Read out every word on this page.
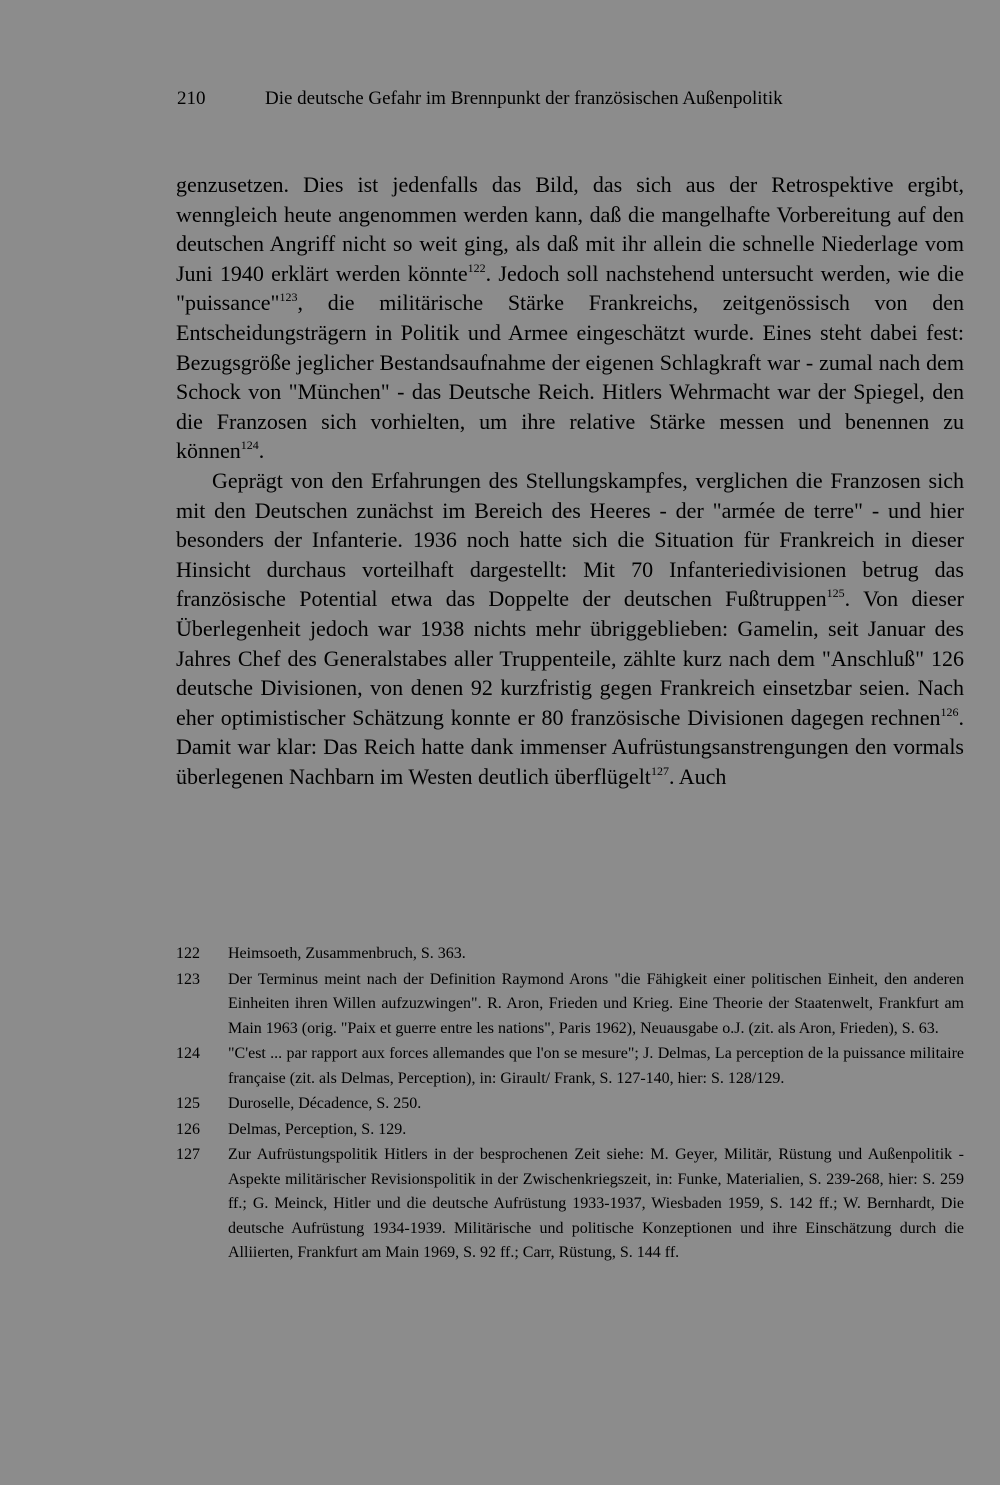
210	Die deutsche Gefahr im Brennpunkt der französischen Außenpolitik

genzusetzen. Dies ist jedenfalls das Bild, das sich aus der Retrospektive ergibt, wenngleich heute angenommen werden kann, daß die mangelhafte Vorbereitung auf den deutschen Angriff nicht so weit ging, als daß mit ihr allein die schnelle Niederlage vom Juni 1940 erklärt werden könnte$^{122}$. Jedoch soll nachstehend untersucht werden, wie die "puissance"$^{123}$, die militärische Stärke Frankreichs, zeitgenössisch von den Entscheidungsträgern in Politik und Armee eingeschätzt wurde. Eines steht dabei fest: Bezugsgröße jeglicher Bestandsaufnahme der eigenen Schlagkraft war - zumal nach dem Schock von "München" - das Deutsche Reich. Hitlers Wehrmacht war der Spiegel, den die Franzosen sich vorhielten, um ihre relative Stärke messen und benennen zu können$^{124}$.

Geprägt von den Erfahrungen des Stellungskampfes, verglichen die Franzosen sich mit den Deutschen zunächst im Bereich des Heeres - der "armée de terre" - und hier besonders der Infanterie. 1936 noch hatte sich die Situation für Frankreich in dieser Hinsicht durchaus vorteilhaft dargestellt: Mit 70 Infanteriedivisionen betrug das französische Potential etwa das Doppelte der deutschen Fußtruppen$^{125}$. Von dieser Überlegenheit jedoch war 1938 nichts mehr übriggeblieben: Gamelin, seit Januar des Jahres Chef des Generalstabes aller Truppenteile, zählte kurz nach dem "Anschluß" 126 deutsche Divisionen, von denen 92 kurzfristig gegen Frankreich einsetzbar seien. Nach eher optimistischer Schätzung konnte er 80 französische Divisionen dagegen rechnen$^{126}$. Damit war klar: Das Reich hatte dank immenser Aufrüstungsanstrengungen den vormals überlegenen Nachbarn im Westen deutlich überflügelt$^{127}$. Auch

122	Heimsoeth, Zusammenbruch, S. 363.
123	Der Terminus meint nach der Definition Raymond Arons "die Fähigkeit einer politischen Einheit, den anderen Einheiten ihren Willen aufzuzwingen". R. Aron, Frieden und Krieg. Eine Theorie der Staatenwelt, Frankfurt am Main 1963 (orig. "Paix et guerre entre les nations", Paris 1962), Neuausgabe o.J. (zit. als Aron, Frieden), S. 63.
124	"C'est ... par rapport aux forces allemandes que l'on se mesure"; J. Delmas, La perception de la puissance militaire française (zit. als Delmas, Perception), in: Girault/ Frank, S. 127-140, hier: S. 128/129.
125	Duroselle, Décadence, S. 250.
126	Delmas, Perception, S. 129.
127	Zur Aufrüstungspolitik Hitlers in der besprochenen Zeit siehe: M. Geyer, Militär, Rüstung und Außenpolitik - Aspekte militärischer Revisionspolitik in der Zwischenkriegszeit, in: Funke, Materialien, S. 239-268, hier: S. 259 ff.; G. Meinck, Hitler und die deutsche Aufrüstung 1933-1937, Wiesbaden 1959, S. 142 ff.; W. Bernhardt, Die deutsche Aufrüstung 1934-1939. Militärische und politische Konzeptionen und ihre Einschätzung durch die Alliierten, Frankfurt am Main 1969, S. 92 ff.; Carr, Rüstung, S. 144 ff.
